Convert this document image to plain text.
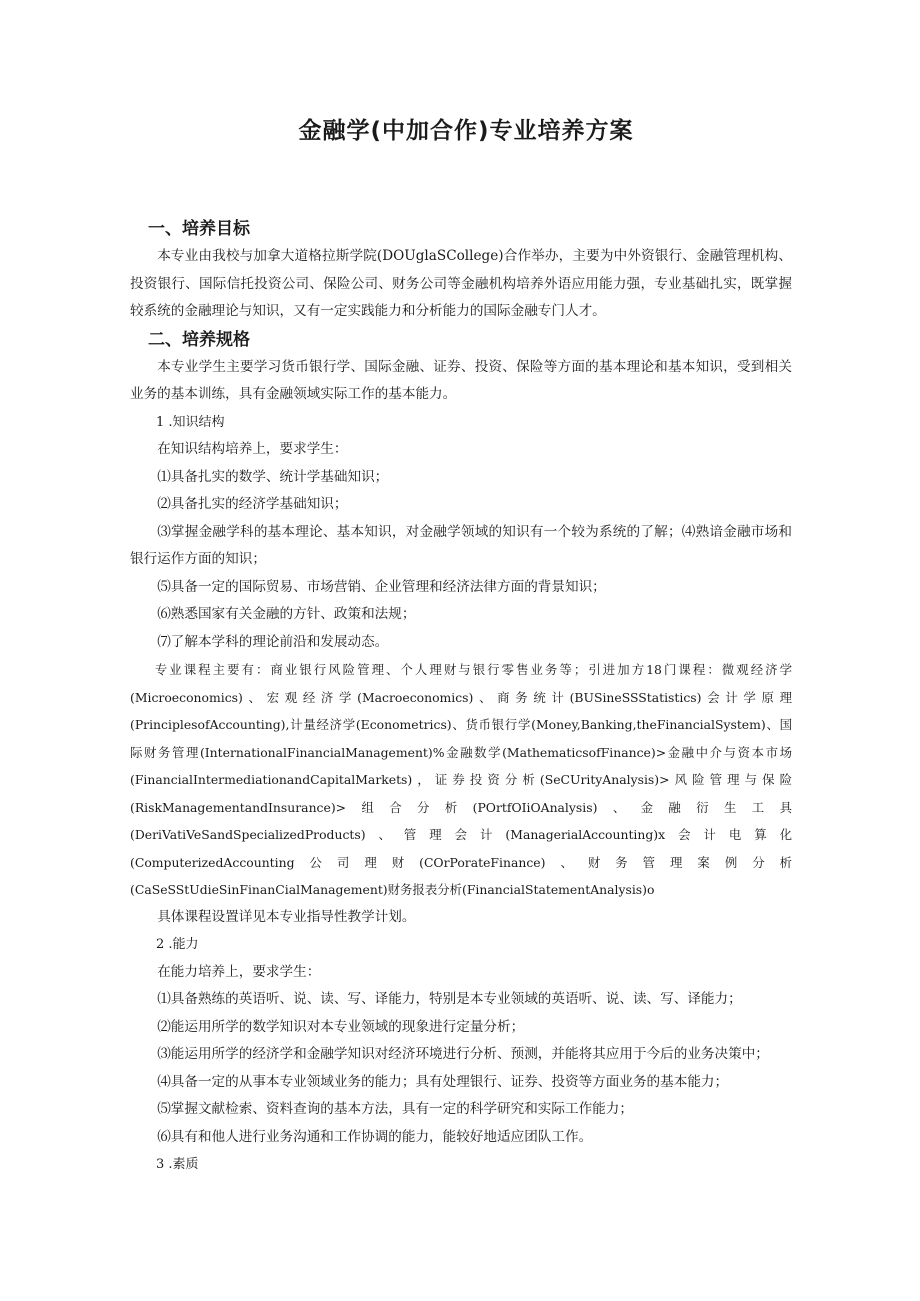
金融学(中加合作)专业培养方案
一、培养目标

本专业由我校与加拿大道格拉斯学院(DOUglaSCollege)合作举办，主要为中外资银行、金融管理机构、投资银行、国际信托投资公司、保险公司、财务公司等金融机构培养外语应用能力强，专业基础扎实，既掌握较系统的金融理论与知识，又有一定实践能力和分析能力的国际金融专门人才。

二、培养规格

本专业学生主要学习货币银行学、国际金融、证券、投资、保险等方面的基本理论和基本知识，受到相关业务的基本训练，具有金融领域实际工作的基本能力。

1 .知识结构

在知识结构培养上，要求学生：

⑴具备扎实的数学、统计学基础知识；

⑵具备扎实的经济学基础知识；

⑶掌握金融学科的基本理论、基本知识，对金融学领域的知识有一个较为系统的了解；⑷熟谙金融市场和银行运作方面的知识；

⑸具备一定的国际贸易、市场营销、企业管理和经济法律方面的背景知识；

⑹熟悉国家有关金融的方针、政策和法规；

⑺了解本学科的理论前沿和发展动态。

专业课程主要有：商业银行风险管理、个人理财与银行零售业务等；引进加方18门课程：微观经济学(Microeconomics)、宏观经济学(Macroeconomics)、商务统计(BUSineSSStatistics)会计学原理(PrinciplesofAccounting),计量经济学(Econometrics)、货币银行学(Money,Banking,theFinancialSystem)、国际财务管理(InternationalFinancialManagement)%金融数学(MathematicsofFinance)>金融中介与资本市场(FinancialIntermediationandCapitalMarkets)，证券投资分析(SeCUrityAnalysis)>风险管理与保险(RiskManagementandInsurance)>组合分析(POrtfOIiOAnalysis)、金融衍生工具(DeriVatiVeSandSpecializedProducts)、管理会计(ManagerialAccounting)x会计电算化(ComputerizedAccounting公司理财(COrPorateFinance)、财务管理案例分析(CaSeSStUdieSinFinanCialManagement)财务报表分析(FinancialStatementAnalysis)o

具体课程设置详见本专业指导性教学计划。

2 .能力

在能力培养上，要求学生：

⑴具备熟练的英语听、说、读、写、译能力，特别是本专业领域的英语听、说、读、写、译能力；

⑵能运用所学的数学知识对本专业领域的现象进行定量分析；

⑶能运用所学的经济学和金融学知识对经济环境进行分析、预测，并能将其应用于今后的业务决策中；

⑷具备一定的从事本专业领域业务的能力；具有处理银行、证券、投资等方面业务的基本能力；

⑸掌握文献检索、资料查询的基本方法，具有一定的科学研究和实际工作能力；

⑹具有和他人进行业务沟通和工作协调的能力，能较好地适应团队工作。

3 .素质
